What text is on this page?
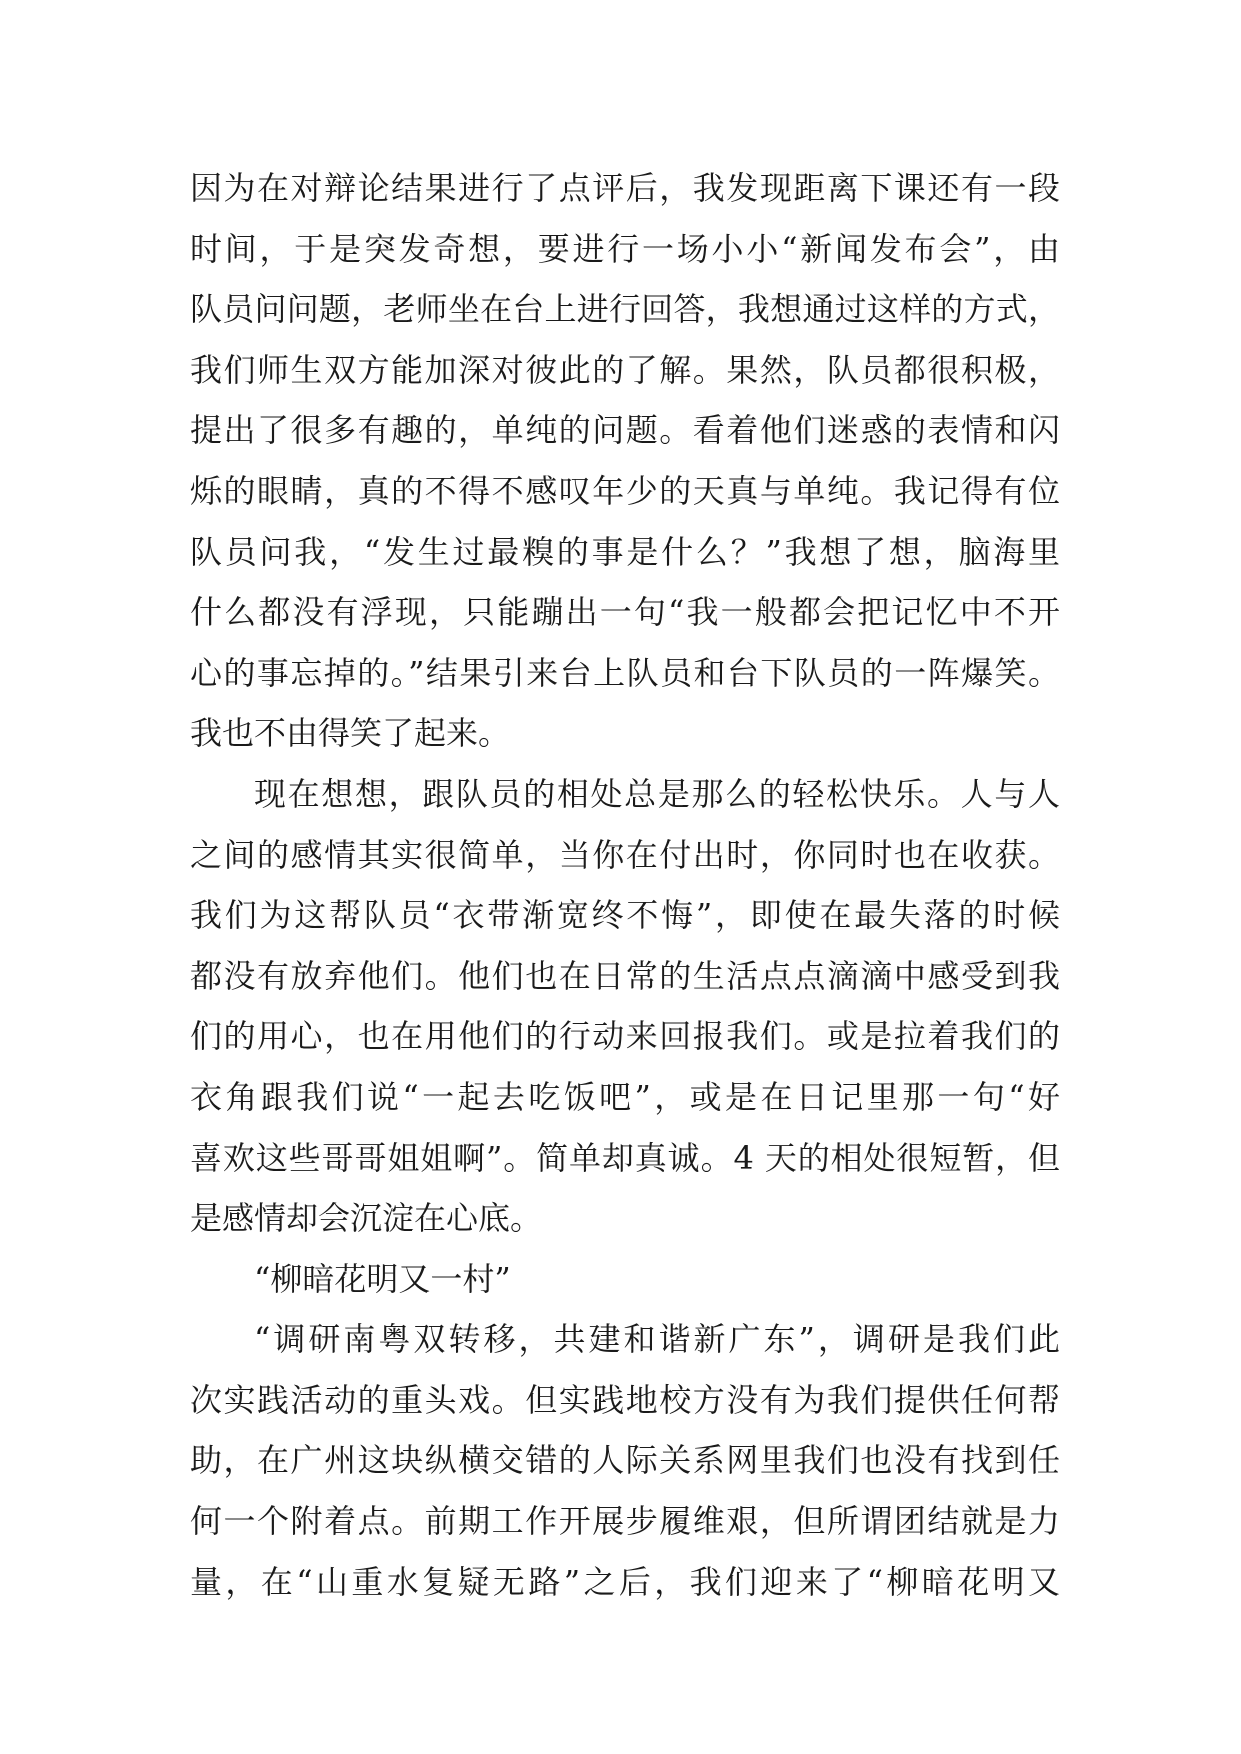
因为在对辩论结果进行了点评后，我发现距离下课还有一段
时间，于是突发奇想，要进行一场小小“新闻发布会”，由
队员问问题，老师坐在台上进行回答，我想通过这样的方式，
我们师生双方能加深对彼此的了解。果然，队员都很积极，
提出了很多有趣的，单纯的问题。看着他们迷惑的表情和闪
烁的眼睛，真的不得不感叹年少的天真与单纯。我记得有位
队员问我，“发生过最糗的事是什么？”我想了想，脑海里
什么都没有浮现，只能蹦出一句“我一般都会把记忆中不开
心的事忘掉的。”结果引来台上队员和台下队员的一阵爆笑。
我也不由得笑了起来。
现在想想，跟队员的相处总是那么的轻松快乐。人与人
之间的感情其实很简单，当你在付出时，你同时也在收获。
我们为这帮队员“衣带渐宽终不悔”，即使在最失落的时候
都没有放弃他们。他们也在日常的生活点点滴滴中感受到我
们的用心，也在用他们的行动来回报我们。或是拉着我们的
衣角跟我们说“一起去吃饭吧”，或是在日记里那一句“好
喜欢这些哥哥姐姐啊”。简单却真诚。4 天的相处很短暂，但
是感情却会沉淀在心底。
“柳暗花明又一村”
“调研南粤双转移，共建和谐新广东”，调研是我们此
次实践活动的重头戏。但实践地校方没有为我们提供任何帮
助，在广州这块纵横交错的人际关系网里我们也没有找到任
何一个附着点。前期工作开展步履维艰，但所谓团结就是力
量，在“山重水复疑无路”之后，我们迎来了“柳暗花明又
